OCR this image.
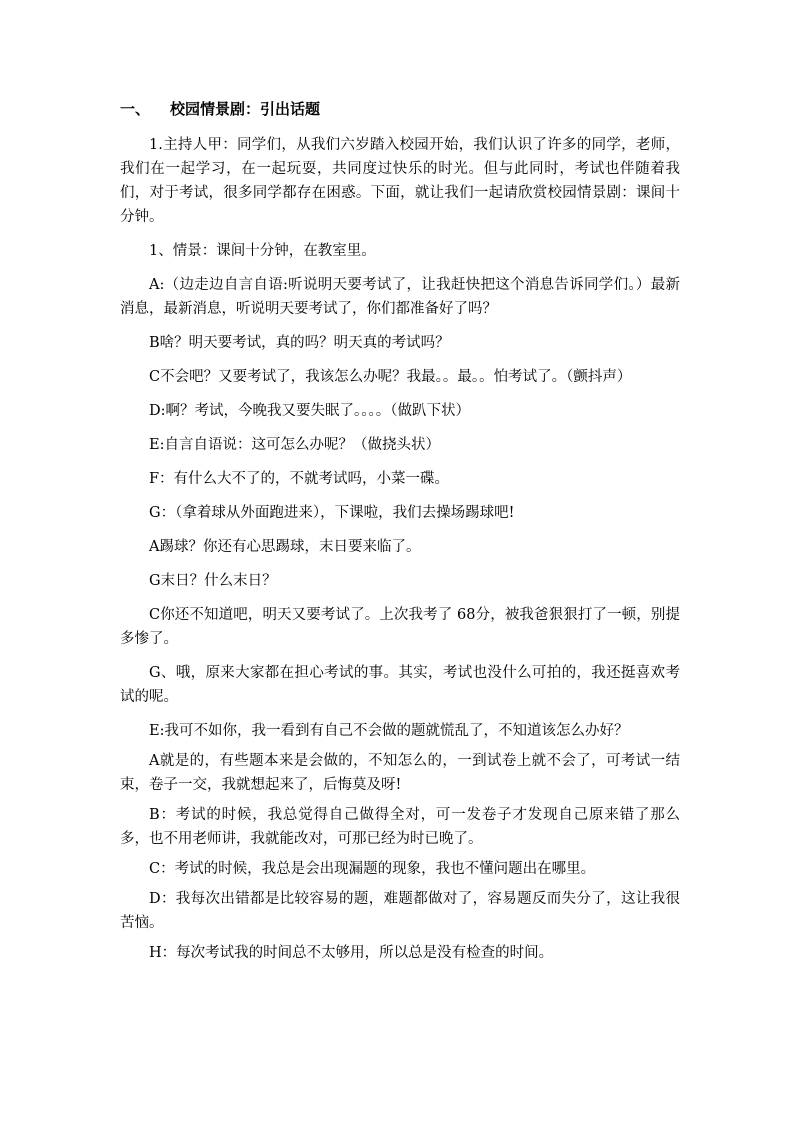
一、 校园情景剧：引出话题

1.主持人甲：同学们，从我们六岁踏入校园开始，我们认识了许多的同学，老师，我们在一起学习，在一起玩耍，共同度过快乐的时光。但与此同时，考试也伴随着我们，对于考试，很多同学都存在困惑。下面，就让我们一起请欣赏校园情景剧：课间十分钟。

1、情景：课间十分钟，在教室里。

A:（边走边自言自语:听说明天要考试了，让我赶快把这个消息告诉同学们。）最新消息，最新消息，听说明天要考试了，你们都准备好了吗？

B啥？明天要考试，真的吗？明天真的考试吗？

C不会吧？又要考试了，我该怎么办呢？我最。。最。。怕考试了。（颤抖声）

D:啊？考试，今晚我又要失眠了。。。。（做趴下状）

E:自言自语说：这可怎么办呢？（做挠头状）

F：有什么大不了的，不就考试吗，小菜一碟。

G：（拿着球从外面跑进来），下课啦，我们去操场踢球吧!

A踢球？你还有心思踢球，末日要来临了。

G末日？什么末日？

C你还不知道吧，明天又要考试了。上次我考了 68分，被我爸狠狠打了一顿，别提多惨了。

G、哦，原来大家都在担心考试的事。其实，考试也没什么可拍的，我还挺喜欢考试的呢。

E:我可不如你，我一看到有自己不会做的题就慌乱了，不知道该怎么办好？

A就是的，有些题本来是会做的，不知怎么的，一到试卷上就不会了，可考试一结束，卷子一交，我就想起来了，后悔莫及呀!

B：考试的时候，我总觉得自己做得全对，可一发卷子才发现自己原来错了那么多，也不用老师讲，我就能改对，可那已经为时已晚了。

C：考试的时候，我总是会出现漏题的现象，我也不懂问题出在哪里。

D：我每次出错都是比较容易的题，难题都做对了，容易题反而失分了，这让我很苦恼。

H：每次考试我的时间总不太够用，所以总是没有检查的时间。
